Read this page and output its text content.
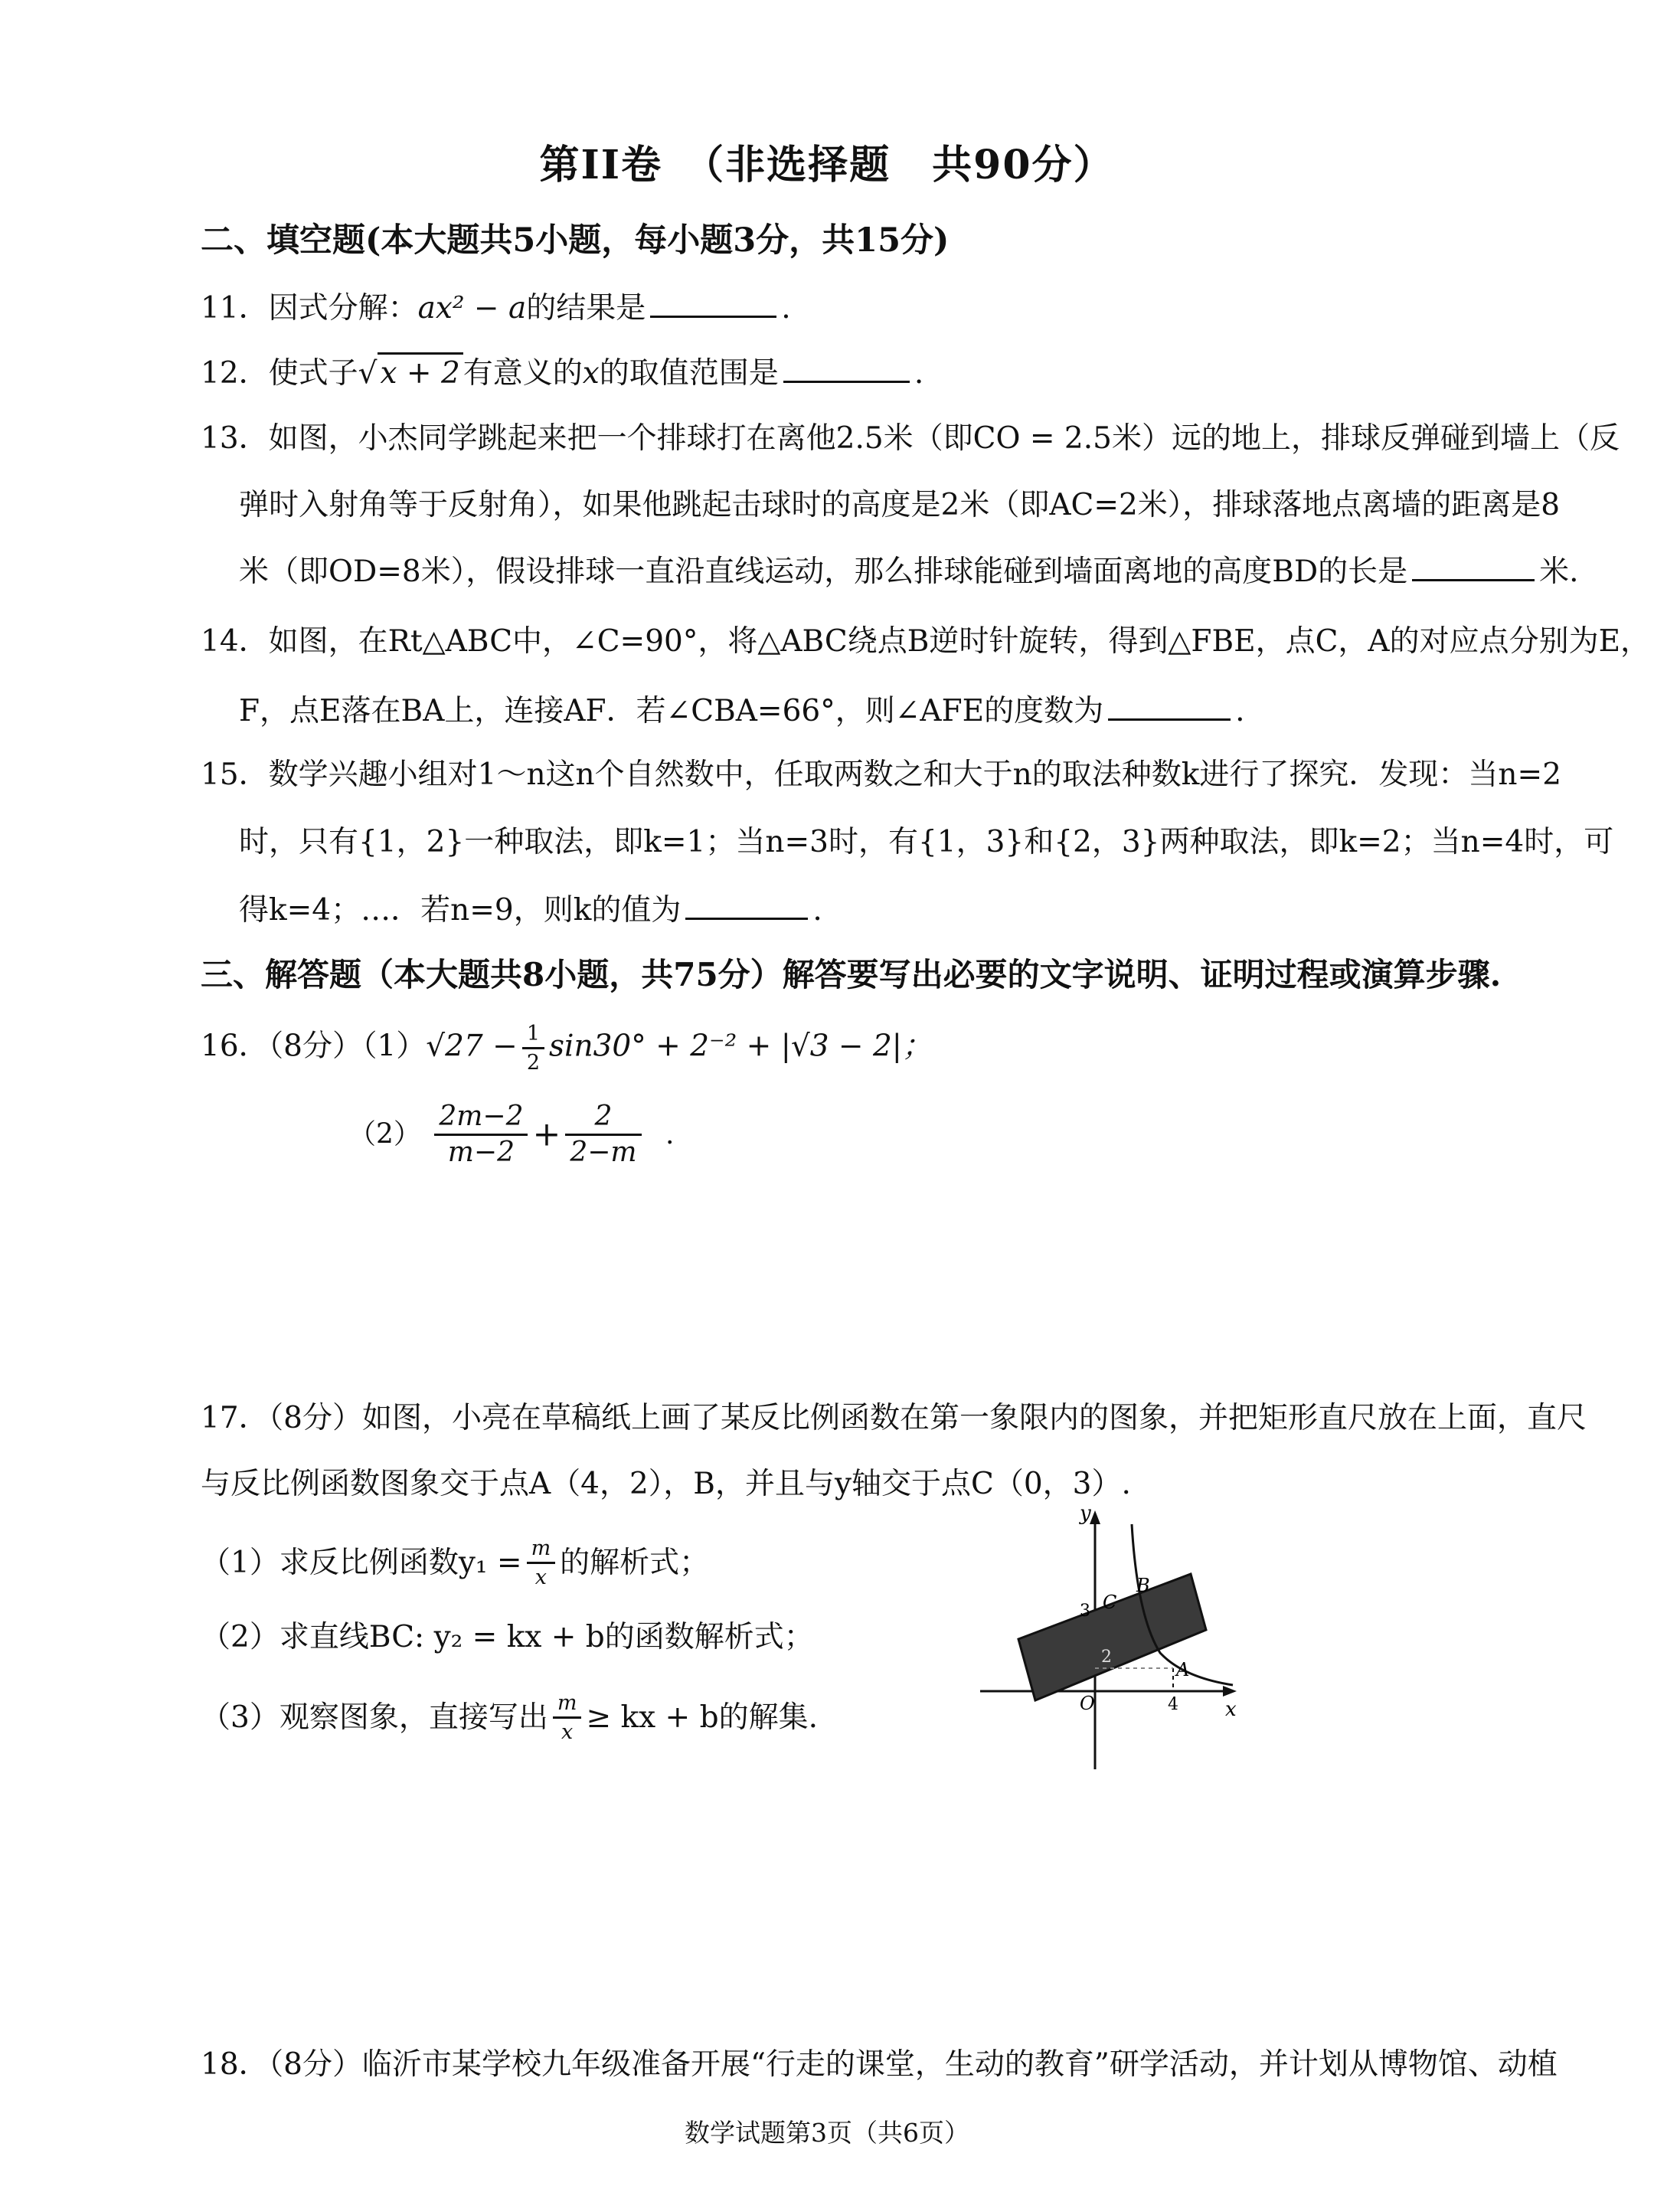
第II卷　（非选择题　共90分）
二、填空题(本大题共5小题，每小题3分，共15分)
11．因式分解：ax² − a的结果是	.
12．使式子√ x + 2 有意义的x的取值范围是	.
13．如图，小杰同学跳起来把一个排球打在离他2.5米（即CO = 2.5米）远的地上，排球反弹碰到墙上（反
弹时入射角等于反射角），如果他跳起击球时的高度是2米（即AC=2米），排球落地点离墙的距离是8
米（即OD=8米），假设排球一直沿直线运动，那么排球能碰到墙面离地的高度BD的长是	米.
14．如图，在Rt△ABC中，∠C=90°，将△ABC绕点B逆时针旋转，得到△FBE，点C，A的对应点分别为E，
F，点E落在BA上，连接AF．若∠CBA=66°，则∠AFE的度数为	.
15．数学兴趣小组对1～n这n个自然数中，任取两数之和大于n的取法种数k进行了探究．发现：当n=2
时，只有{1，2}一种取法，即k=1；当n=3时，有{1，3}和{2，3}两种取法，即k=2；当n=4时，可
得k=4；…．若n=9，则k的值为	.
三、解答题（本大题共8小题，共75分）解答要写出必要的文字说明、证明过程或演算步骤.
16．（8分）$(1)√27 - \frac{1}{2} \sin 30^\circ + 2^{-2} + |√3 - 2|$；
$(2) \frac{2m-2}{m-2} + \frac{2}{2-m}$ .
17．（8分）如图，小亮在草稿纸上画了某反比例函数在第一象限内的图象，并把矩形直尺放在上面，直尺
与反比例函数图象交于点A（4，2），B，并且与y轴交于点C（0，3）.
（1）求反比例函数$y_1 = \frac{m}{x}$ 的解析式；
（2）求直线BC: y₂ = kx + b的函数解析式；
（3）观察图象，直接写出 $\frac{m}{x}$ ≥ kx + b的解集.
y
x
O
3
2
4
A
B
C
18．（8分）临沂市某学校九年级准备开展“行走的课堂，生动的教育”研学活动，并计划从博物馆、动植
数学试题第3页（共6页）
